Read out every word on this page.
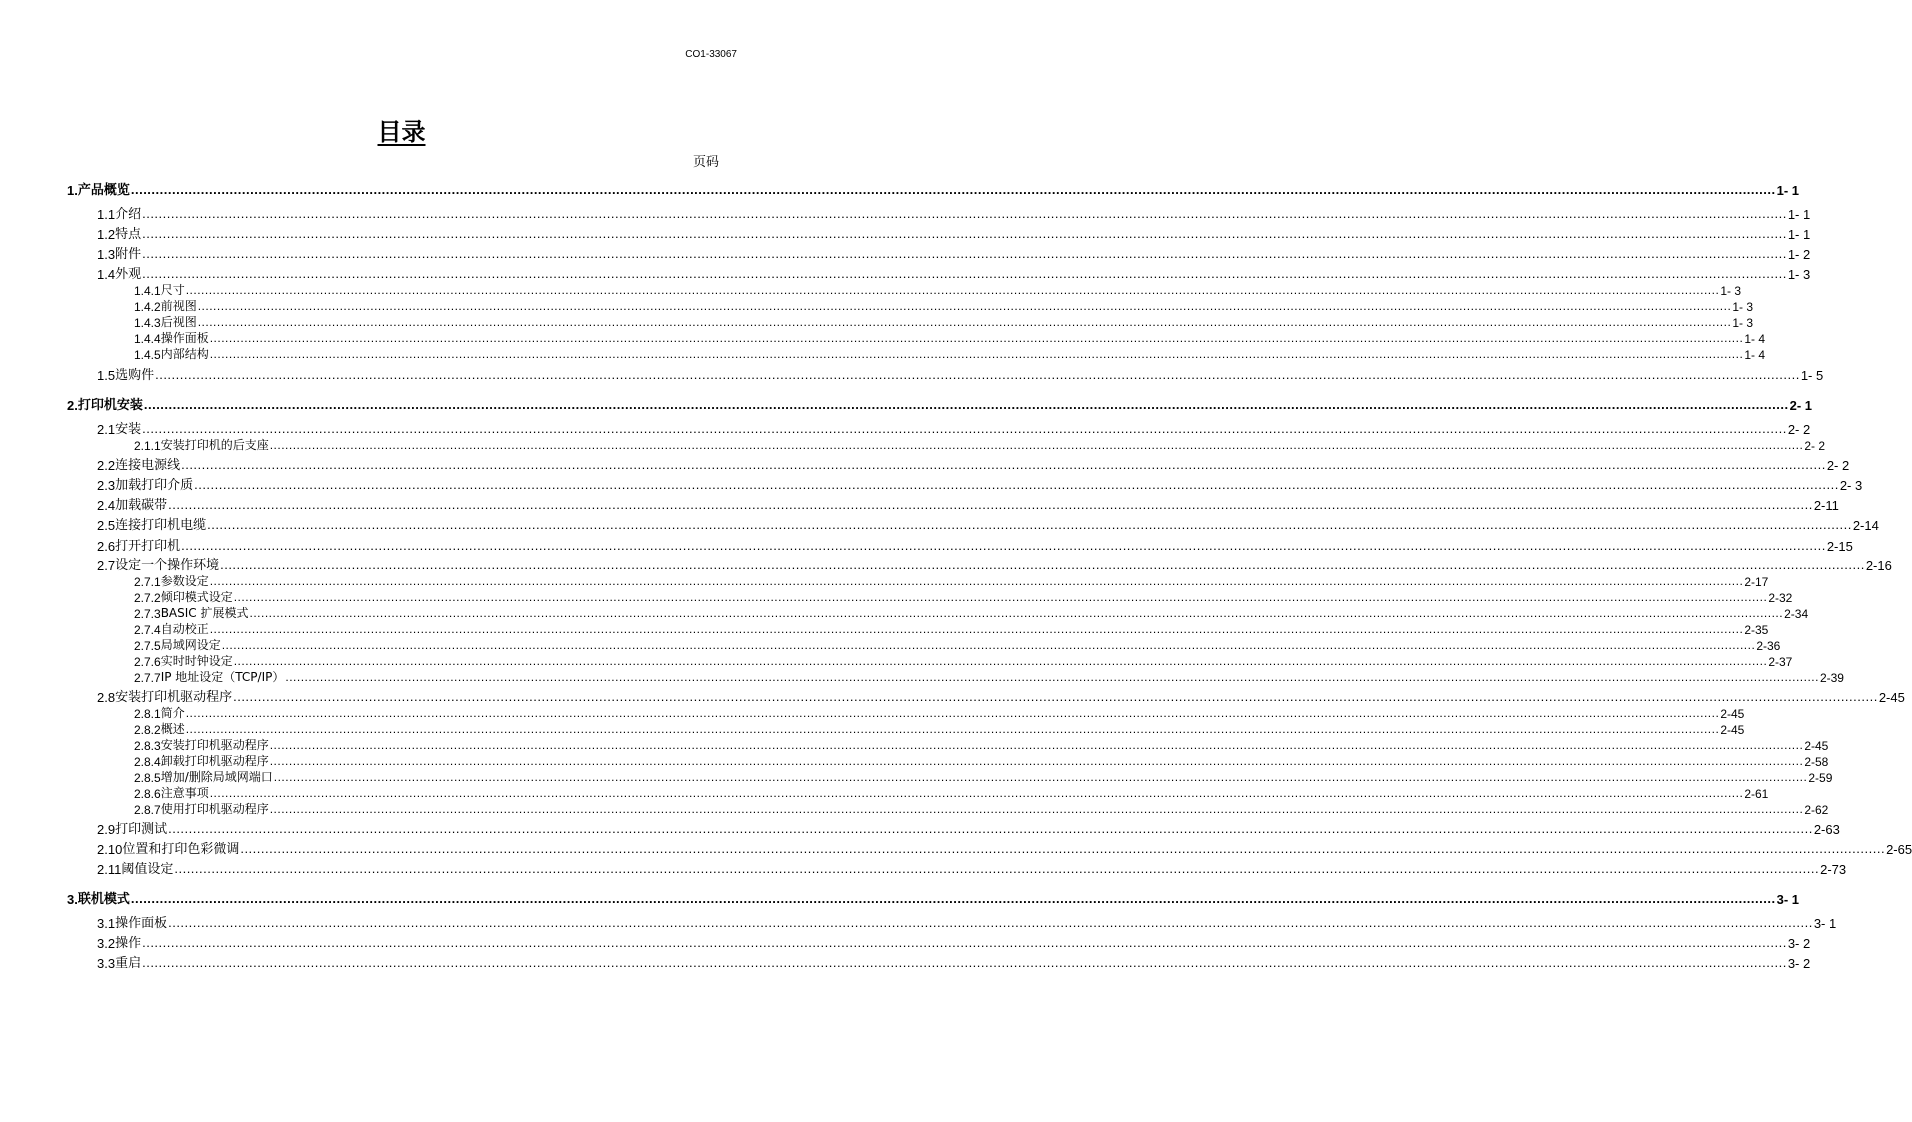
CO1-33067
目录
页码
1. 产品概览 ................................................................................................................................................................................................................................................................................................................................................................................................................ 1- 1
1.1 介绍 ................................................................................................................................................................................................................................................................................................................................................................................................................ 1- 1
1.2 特点 ................................................................................................................................................................................................................................................................................................................................................................................................................ 1- 1
1.3 附件 ................................................................................................................................................................................................................................................................................................................................................................................................................ 1- 2
1.4 外观 ................................................................................................................................................................................................................................................................................................................................................................................................................ 1- 3
1.4.1 尺寸 ................................................................................................................................................................................................................................................................................................................................................................................................................ 1- 3
1.4.2 前视图 ................................................................................................................................................................................................................................................................................................................................................................................................................ 1- 3
1.4.3 后视图 ................................................................................................................................................................................................................................................................................................................................................................................................................ 1- 3
1.4.4 操作面板 ................................................................................................................................................................................................................................................................................................................................................................................................................ 1- 4
1.4.5 内部结构 ................................................................................................................................................................................................................................................................................................................................................................................................................ 1- 4
1.5 选购件 ................................................................................................................................................................................................................................................................................................................................................................................................................ 1- 5
2. 打印机安装 ................................................................................................................................................................................................................................................................................................................................................................................................................ 2- 1
2.1 安装 ................................................................................................................................................................................................................................................................................................................................................................................................................ 2- 2
2.1.1 安装打印机的后支座 ................................................................................................................................................................................................................................................................................................................................................................................................................ 2- 2
2.2 连接电源线 ................................................................................................................................................................................................................................................................................................................................................................................................................ 2- 2
2.3 加载打印介质 ................................................................................................................................................................................................................................................................................................................................................................................................................ 2- 3
2.4 加载碳带 ................................................................................................................................................................................................................................................................................................................................................................................................................ 2-11
2.5 连接打印机电缆 ................................................................................................................................................................................................................................................................................................................................................................................................................ 2-14
2.6 打开打印机 ................................................................................................................................................................................................................................................................................................................................................................................................................ 2-15
2.7 设定一个操作环境 ................................................................................................................................................................................................................................................................................................................................................................................................................ 2-16
2.7.1 参数设定 ................................................................................................................................................................................................................................................................................................................................................................................................................ 2-17
2.7.2 倾印模式设定 ................................................................................................................................................................................................................................................................................................................................................................................................................ 2-32
2.7.3 BASIC 扩展模式 ................................................................................................................................................................................................................................................................................................................................................................................................................ 2-34
2.7.4 自动校正 ................................................................................................................................................................................................................................................................................................................................................................................................................ 2-35
2.7.5 局域网设定 ................................................................................................................................................................................................................................................................................................................................................................................................................ 2-36
2.7.6 实时时钟设定 ................................................................................................................................................................................................................................................................................................................................................................................................................ 2-37
2.7.7 IP 地址设定（TCP/IP） ................................................................................................................................................................................................................................................................................................................................................................................................................ 2-39
2.8 安装打印机驱动程序 ................................................................................................................................................................................................................................................................................................................................................................................................................ 2-45
2.8.1 简介 ................................................................................................................................................................................................................................................................................................................................................................................................................ 2-45
2.8.2 概述 ................................................................................................................................................................................................................................................................................................................................................................................................................ 2-45
2.8.3 安装打印机驱动程序 ................................................................................................................................................................................................................................................................................................................................................................................................................ 2-45
2.8.4 卸载打印机驱动程序 ................................................................................................................................................................................................................................................................................................................................................................................................................ 2-58
2.8.5 增加/删除局域网端口 ................................................................................................................................................................................................................................................................................................................................................................................................................ 2-59
2.8.6 注意事项 ................................................................................................................................................................................................................................................................................................................................................................................................................ 2-61
2.8.7 使用打印机驱动程序 ................................................................................................................................................................................................................................................................................................................................................................................................................ 2-62
2.9 打印测试 ................................................................................................................................................................................................................................................................................................................................................................................................................ 2-63
2.10 位置和打印色彩微调 ................................................................................................................................................................................................................................................................................................................................................................................................................ 2-65
2.11 阈值设定 ................................................................................................................................................................................................................................................................................................................................................................................................................ 2-73
3. 联机模式 ................................................................................................................................................................................................................................................................................................................................................................................................................ 3- 1
3.1 操作面板 ................................................................................................................................................................................................................................................................................................................................................................................................................ 3- 1
3.2 操作 ................................................................................................................................................................................................................................................................................................................................................................................................................ 3- 2
3.3 重启 ................................................................................................................................................................................................................................................................................................................................................................................................................ 3- 2
